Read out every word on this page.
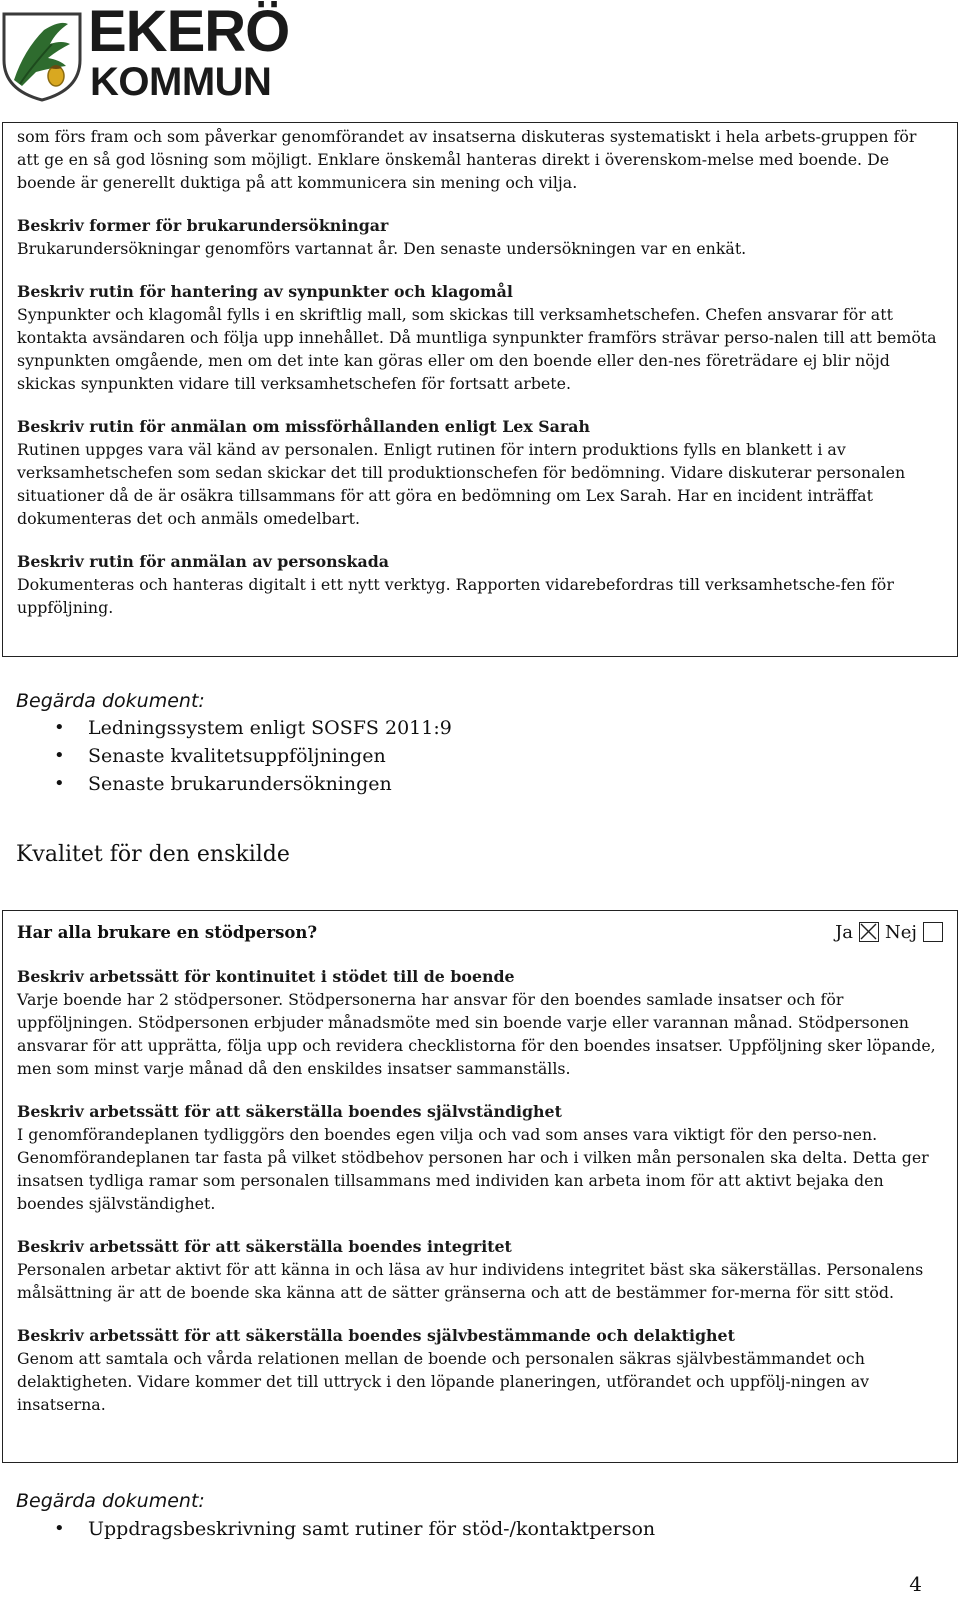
EKERÖ
KOMMUN

som förs fram och som påverkar genomförandet av insatserna diskuteras systematiskt i hela arbets-gruppen för att ge en så god lösning som möjligt. Enklare önskemål hanteras direkt i överenskom-melse med boende. De boende är generellt duktiga på att kommunicera sin mening och vilja.

Beskriv former för brukarundersökningar

Brukarundersökningar genomförs vartannat år. Den senaste undersökningen var en enkät.

Beskriv rutin för hantering av synpunkter och klagomål

Synpunkter och klagomål fylls i en skriftlig mall, som skickas till verksamhetschefen. Chefen ansvarar för att kontakta avsändaren och följa upp innehållet. Då muntliga synpunkter framförs strävar perso-nalen till att bemöta synpunkten omgående, men om det inte kan göras eller om den boende eller den-nes företrädare ej blir nöjd skickas synpunkten vidare till verksamhetschefen för fortsatt arbete.

Beskriv rutin för anmälan om missförhållanden enligt Lex Sarah

Rutinen uppges vara väl känd av personalen. Enligt rutinen för intern produktions fylls en blankett i av verksamhetschefen som sedan skickar det till produktionschefen för bedömning. Vidare diskuterar personalen situationer då de är osäkra tillsammans för att göra en bedömning om Lex Sarah. Har en incident inträffat dokumenteras det och anmäls omedelbart.

Beskriv rutin för anmälan av personskada

Dokumenteras och hanteras digitalt i ett nytt verktyg. Rapporten vidarebefordras till verksamhetsche-fen för uppföljning.

Begärda dokument:
• Ledningssystem enligt SOSFS 2011:9
• Senaste kvalitetsuppföljningen
• Senaste brukarundersökningen
Kvalitet för den enskilde
Har alla brukare en stödperson?	Ja Nej

Beskriv arbetssätt för kontinuitet i stödet till de boende

Varje boende har 2 stödpersoner. Stödpersonerna har ansvar för den boendes samlade insatser och för uppföljningen. Stödpersonen erbjuder månadsmöte med sin boende varje eller varannan månad. Stödpersonen ansvarar för att upprätta, följa upp och revidera checklistorna för den boendes insatser. Uppföljning sker löpande, men som minst varje månad då den enskildes insatser sammanställs.

Beskriv arbetssätt för att säkerställa boendes självständighet

I genomförandeplanen tydliggörs den boendes egen vilja och vad som anses vara viktigt för den perso-nen. Genomförandeplanen tar fasta på vilket stödbehov personen har och i vilken mån personalen ska delta. Detta ger insatsen tydliga ramar som personalen tillsammans med individen kan arbeta inom för att aktivt bejaka den boendes självständighet.

Beskriv arbetssätt för att säkerställa boendes integritet

Personalen arbetar aktivt för att känna in och läsa av hur individens integritet bäst ska säkerställas. Personalens målsättning är att de boende ska känna att de sätter gränserna och att de bestämmer for-merna för sitt stöd.

Beskriv arbetssätt för att säkerställa boendes självbestämmande och delaktighet

Genom att samtala och vårda relationen mellan de boende och personalen säkras självbestämmandet och delaktigheten. Vidare kommer det till uttryck i den löpande planeringen, utförandet och uppfölj-ningen av insatserna.

Begärda dokument:
• Uppdragsbeskrivning samt rutiner för stöd-/kontaktperson
4
